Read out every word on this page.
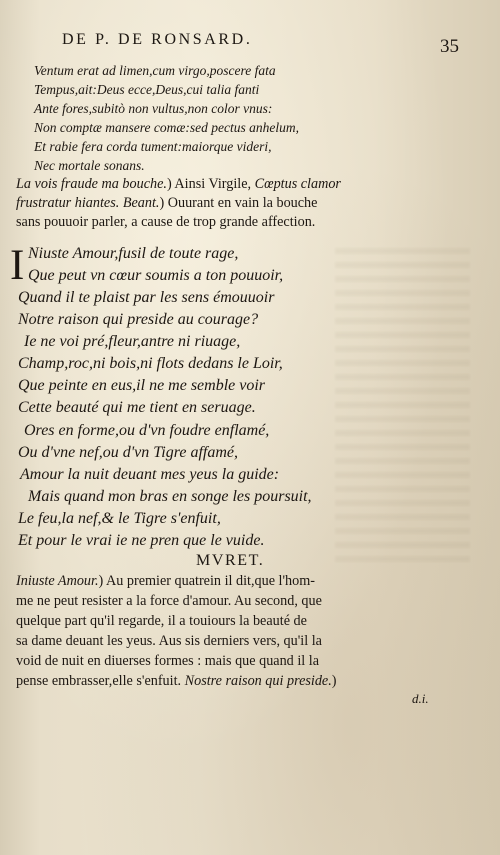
DE P. DE RONSARD.	35
Ventum erat ad limen,cum virgo,poscere fata
Tempus,ait:Deus ecce,Deus,cui talia fanti
Ante fores,subitò non vultus,non color vnus:
Non comptæ mansere comæ:sed pectus anhelum,
Et rabie fera corda tument:maiorque videri,
Nec mortale sonans.
La vois fraude ma bouche.) Ainsi Virgile, Cœptus clamor
frustratur hiantes. Beant.) Ouurant en vain la bouche
sans pouuoir parler, a cause de trop grande affection.
I Niuste Amour,fusil de toute rage,
Que peut vn cœur soumis a ton pouuoir,
Quand il te plaist par les sens émouuoir
Notre raison qui preside au courage?
Ie ne voi pré,fleur,antre ni riuage,
Champ,roc,ni bois,ni flots dedans le Loir,
Que peinte en eus,il ne me semble voir
Cette beauté qui me tient en seruage.
Ores en forme,ou d'vn foudre enflamé,
Ou d'vne nef,ou d'vn Tigre affamé,
Amour la nuit deuant mes yeus la guide:
Mais quand mon bras en songe les poursuit,
Le feu,la nef,& le Tigre s'enfuit,
Et pour le vrai ie ne pren que le vuide.
MVRET.
Iniuste Amour.) Au premier quatrein il dit,que l'hom-
me ne peut resister a la force d'amour. Au second, que
quelque part qu'il regarde, il a touiours la beauté de
sa dame deuant les yeus. Aus sis derniers vers, qu'il la
void de nuit en diuerses formes : mais que quand il la
pense embrasser,elle s'enfuit. Nostre raison qui preside.)
d.i.
